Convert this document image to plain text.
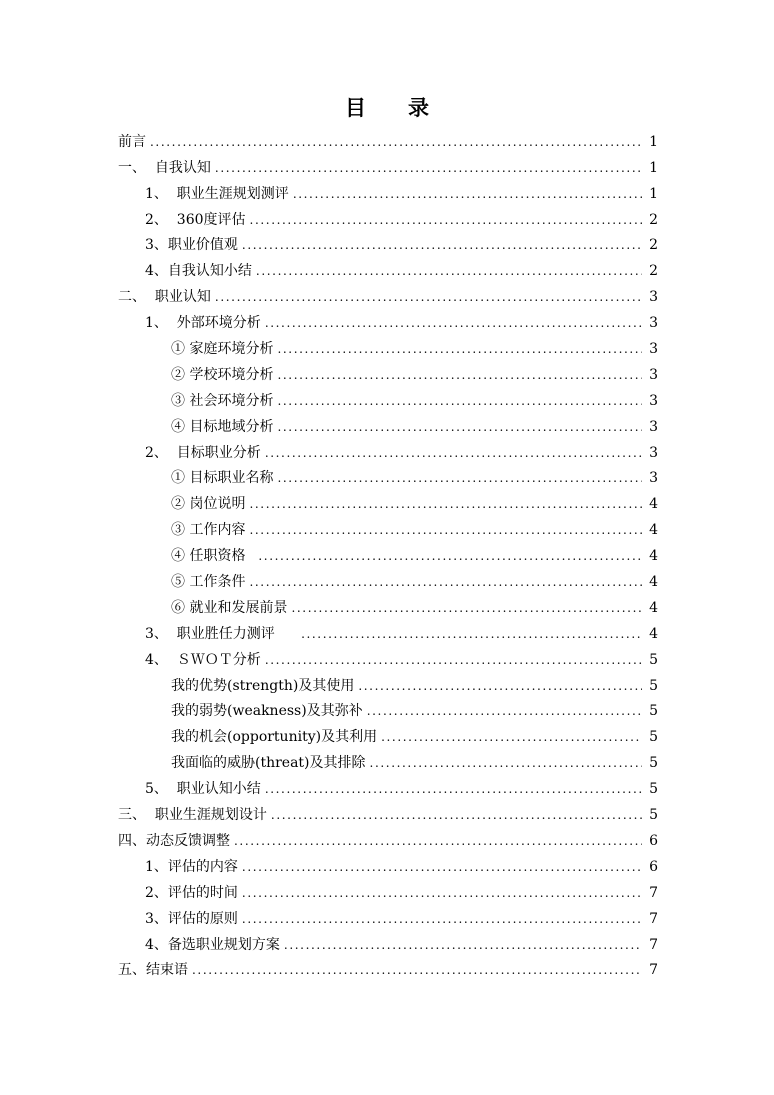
目 录
前言 .....	1
一、  自我认知 .....	1
1、  职业生涯规划测评 .....	1
2、  360度评估 .....	2
3、职业价值观 .....	2
4、自我认知小结 .....	2
二、  职业认知 .....	3
1、  外部环境分析 .....	3
① 家庭环境分析 .....	3
② 学校环境分析 .....	3
③ 社会环境分析 .....	3
④ 目标地域分析 .....	3
2、  目标职业分析 .....	3
① 目标职业名称 .....	3
② 岗位说明 .....	4
③ 工作内容 .....	4
④ 任职资格 .....	4
⑤ 工作条件 .....	4
⑥ 就业和发展前景 .....	4
3、  职业胜任力测评 .....	4
4、  ＳＷＯＴ分析 .....	5
我的优势(strength)及其使用 .....	5
我的弱势(weakness)及其弥补 .....	5
我的机会(opportunity)及其利用 .....	5
我面临的威胁(threat)及其排除 .....	5
5、  职业认知小结 .....	5
三、  职业生涯规划设计 .....	5
四、动态反馈调整 .....	6
1、评估的内容 .....	6
2、评估的时间 .....	7
3、评估的原则 .....	7
4、备选职业规划方案 .....	7
五、结束语 .....	7
